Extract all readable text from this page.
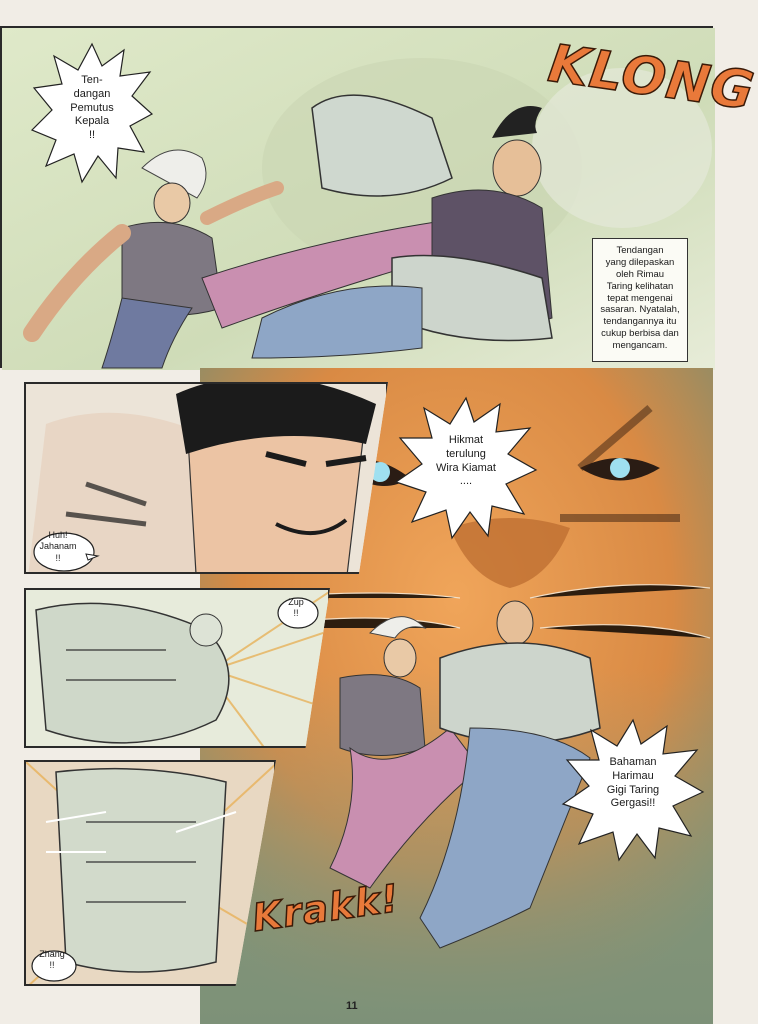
Ten-
dangan
Pemutus
Kepala
!!
KLONG
Tendangan
yang dilepaskan
oleh Rimau
Taring kelihatan
tepat mengenai
sasaran. Nyatalah,
tendangannya itu
cukup berbisa dan
mengancam.
Hikmat
terulung
Wira Kiamat
....
Bahaman
Harimau
Gigi Taring
Gergasi!!
Krakk!
Huh!
Jahanam
!!
Zup
!!
Zhang
!!
11
